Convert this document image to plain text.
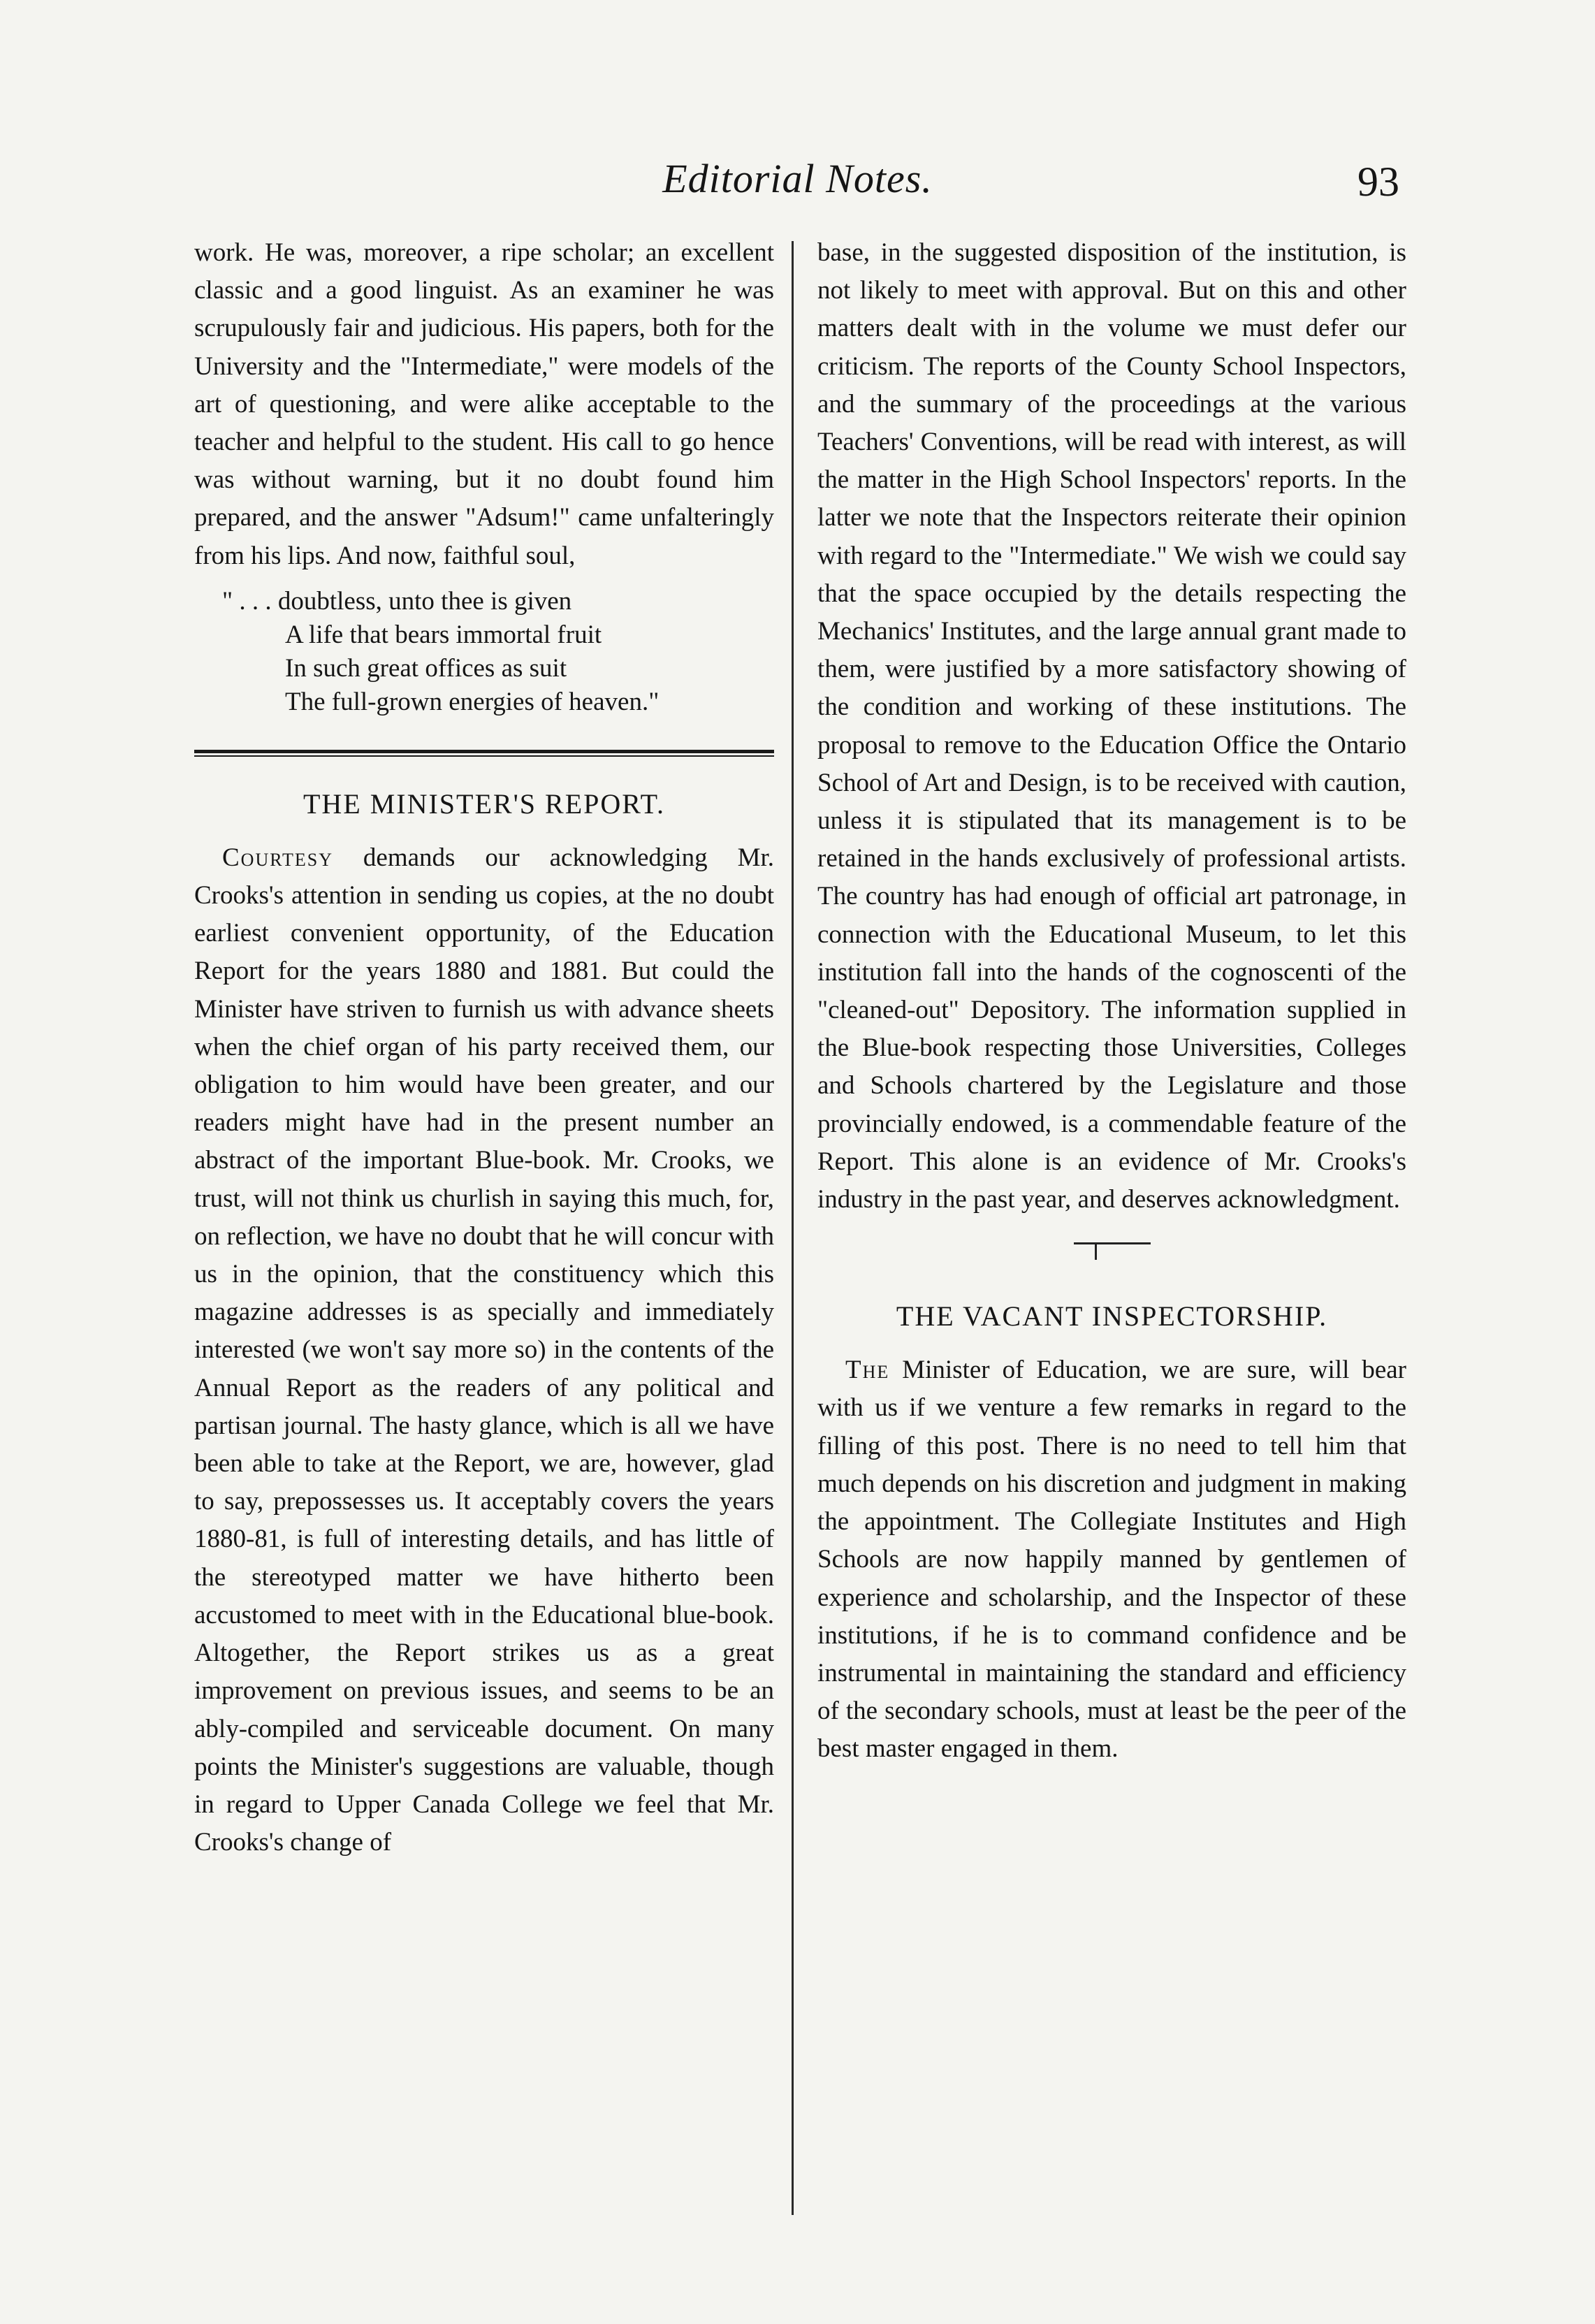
Editorial Notes.	93

work. He was, moreover, a ripe scholar; an excellent classic and a good linguist. As an examiner he was scrupulously fair and judicious. His papers, both for the University and the "Intermediate," were models of the art of questioning, and were alike acceptable to the teacher and helpful to the student. His call to go hence was without warning, but it no doubt found him prepared, and the answer "Adsum!" came unfalteringly from his lips. And now, faithful soul,

" . . . doubtless, unto thee is given
A life that bears immortal fruit
In such great offices as suit
The full-grown energies of heaven."
THE MINISTER'S REPORT.

Courtesy demands our acknowledging Mr. Crooks's attention in sending us copies, at the no doubt earliest convenient opportunity, of the Education Report for the years 1880 and 1881. But could the Minister have striven to furnish us with advance sheets when the chief organ of his party received them, our obligation to him would have been greater, and our readers might have had in the present number an abstract of the important Blue-book. Mr. Crooks, we trust, will not think us churlish in saying this much, for, on reflection, we have no doubt that he will concur with us in the opinion, that the constituency which this magazine addresses is as specially and immediately interested (we won't say more so) in the contents of the Annual Report as the readers of any political and partisan journal. The hasty glance, which is all we have been able to take at the Report, we are, however, glad to say, prepossesses us. It acceptably covers the years 1880-81, is full of interesting details, and has little of the stereotyped matter we have hitherto been accustomed to meet with in the Educational blue-book. Altogether, the Report strikes us as a great improvement on previous issues, and seems to be an ably-compiled and serviceable document. On many points the Minister's suggestions are valuable, though in regard to Upper Canada College we feel that Mr. Crooks's change of

base, in the suggested disposition of the institution, is not likely to meet with approval. But on this and other matters dealt with in the volume we must defer our criticism. The reports of the County School Inspectors, and the summary of the proceedings at the various Teachers' Conventions, will be read with interest, as will the matter in the High School Inspectors' reports. In the latter we note that the Inspectors reiterate their opinion with regard to the "Intermediate." We wish we could say that the space occupied by the details respecting the Mechanics' Institutes, and the large annual grant made to them, were justified by a more satisfactory showing of the condition and working of these institutions. The proposal to remove to the Education Office the Ontario School of Art and Design, is to be received with caution, unless it is stipulated that its management is to be retained in the hands exclusively of professional artists. The country has had enough of official art patronage, in connection with the Educational Museum, to let this institution fall into the hands of the cognoscenti of the "cleaned-out" Depository. The information supplied in the Blue-book respecting those Universities, Colleges and Schools chartered by the Legislature and those provincially endowed, is a commendable feature of the Report. This alone is an evidence of Mr. Crooks's industry in the past year, and deserves acknowledgment.

THE VACANT INSPECTORSHIP.

The Minister of Education, we are sure, will bear with us if we venture a few remarks in regard to the filling of this post. There is no need to tell him that much depends on his discretion and judgment in making the appointment. The Collegiate Institutes and High Schools are now happily manned by gentlemen of experience and scholarship, and the Inspector of these institutions, if he is to command confidence and be instrumental in maintaining the standard and efficiency of the secondary schools, must at least be the peer of the best master engaged in them.
